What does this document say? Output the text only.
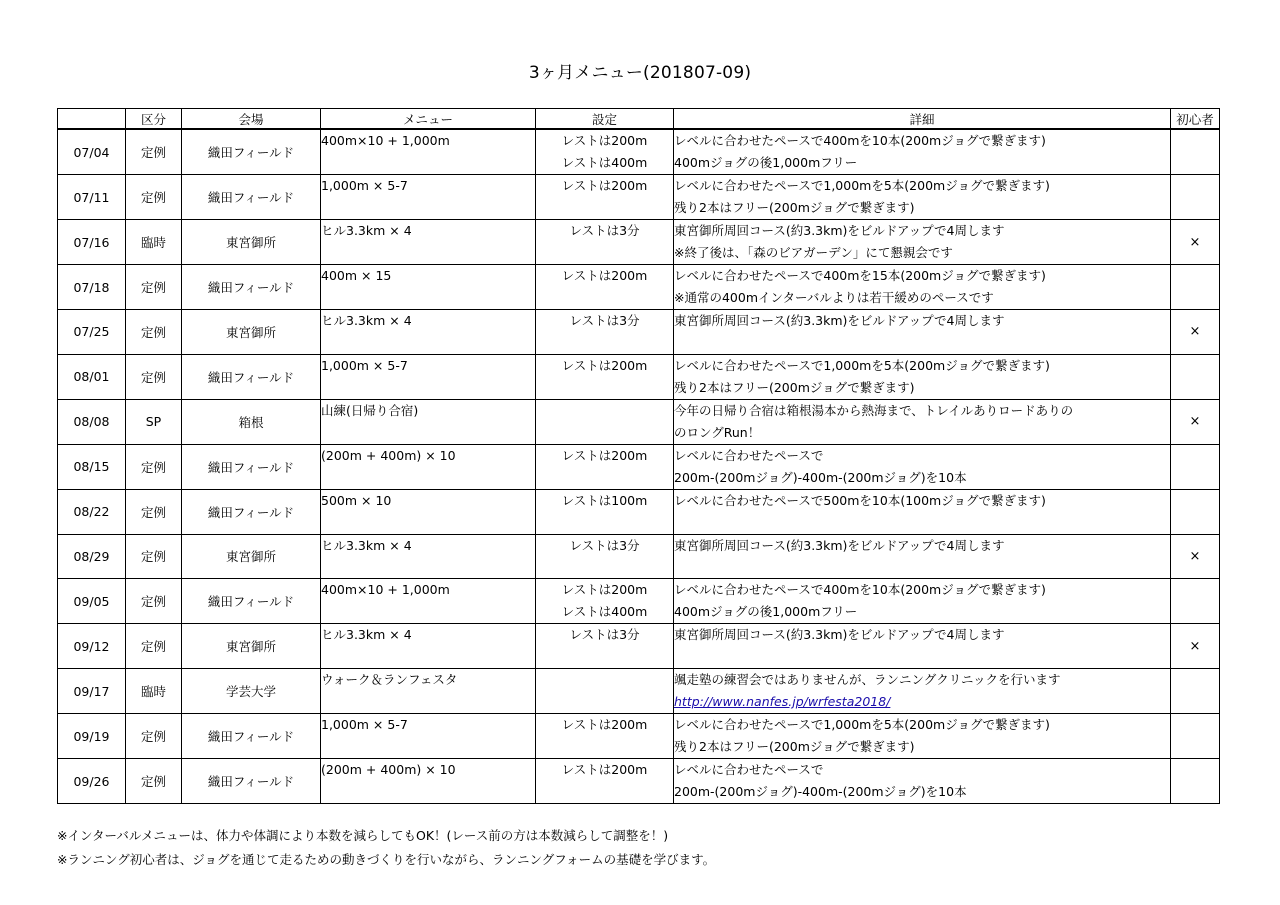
3ヶ月メニュー(201807-09)
	区分	会場	メニュー	設定	詳細	初心者
07/04	定例	織田フィールド	400m×10 + 1,000m	レストは200m
レストは400m	レベルに合わせたペースで400mを10本(200mジョグで繋ぎます)
400mジョグの後1,000mフリー	

07/11	定例	織田フィールド	1,000m × 5-7	レストは200m	レベルに合わせたペースで1,000mを5本(200mジョグで繋ぎます)
残り2本はフリー(200mジョグで繋ぎます)	

07/16	臨時	東宮御所	ヒル3.3km × 4	レストは3分	東宮御所周回コース(約3.3km)をビルドアップで4周します
※終了後は、「森のビアガーデン」にて懇親会です	×
07/18	定例	織田フィールド	400m × 15	レストは200m	レベルに合わせたペースで400mを15本(200mジョグで繋ぎます)
※通常の400mインターバルよりは若干緩めのペースです	

07/25	定例	東宮御所	ヒル3.3km × 4	レストは3分	東宮御所周回コース(約3.3km)をビルドアップで4周します	×
08/01	定例	織田フィールド	1,000m × 5-7	レストは200m	レベルに合わせたペースで1,000mを5本(200mジョグで繋ぎます)
残り2本はフリー(200mジョグで繋ぎます)	

08/08	SP	箱根	山練(日帰り合宿)		今年の日帰り合宿は箱根湯本から熱海まで、トレイルありロードありの
のロングRun！	×
08/15	定例	織田フィールド	(200m + 400m) × 10	レストは200m	レベルに合わせたペースで
200m-(200mジョグ)-400m-(200mジョグ)を10本	

08/22	定例	織田フィールド	500m × 10	レストは100m	レベルに合わせたペースで500mを10本(100mジョグで繋ぎます)	

08/29	定例	東宮御所	ヒル3.3km × 4	レストは3分	東宮御所周回コース(約3.3km)をビルドアップで4周します	×
09/05	定例	織田フィールド	400m×10 + 1,000m	レストは200m
レストは400m	レベルに合わせたペースで400mを10本(200mジョグで繋ぎます)
400mジョグの後1,000mフリー	

09/12	定例	東宮御所	ヒル3.3km × 4	レストは3分	東宮御所周回コース(約3.3km)をビルドアップで4周します	×
09/17	臨時	学芸大学	ウォーク＆ランフェスタ		颯走塾の練習会ではありませんが、ランニングクリニックを行います
http://www.nanfes.jp/wrfesta2018/	

09/19	定例	織田フィールド	1,000m × 5-7	レストは200m	レベルに合わせたペースで1,000mを5本(200mジョグで繋ぎます)
残り2本はフリー(200mジョグで繋ぎます)	

09/26	定例	織田フィールド	(200m + 400m) × 10	レストは200m	レベルに合わせたペースで
200m-(200mジョグ)-400m-(200mジョグ)を10本	

※インターバルメニューは、体力や体調により本数を減らしてもOK！(レース前の方は本数減らして調整を！)
※ランニング初心者は、ジョグを通じて走るための動きづくりを行いながら、ランニングフォームの基礎を学びます。
